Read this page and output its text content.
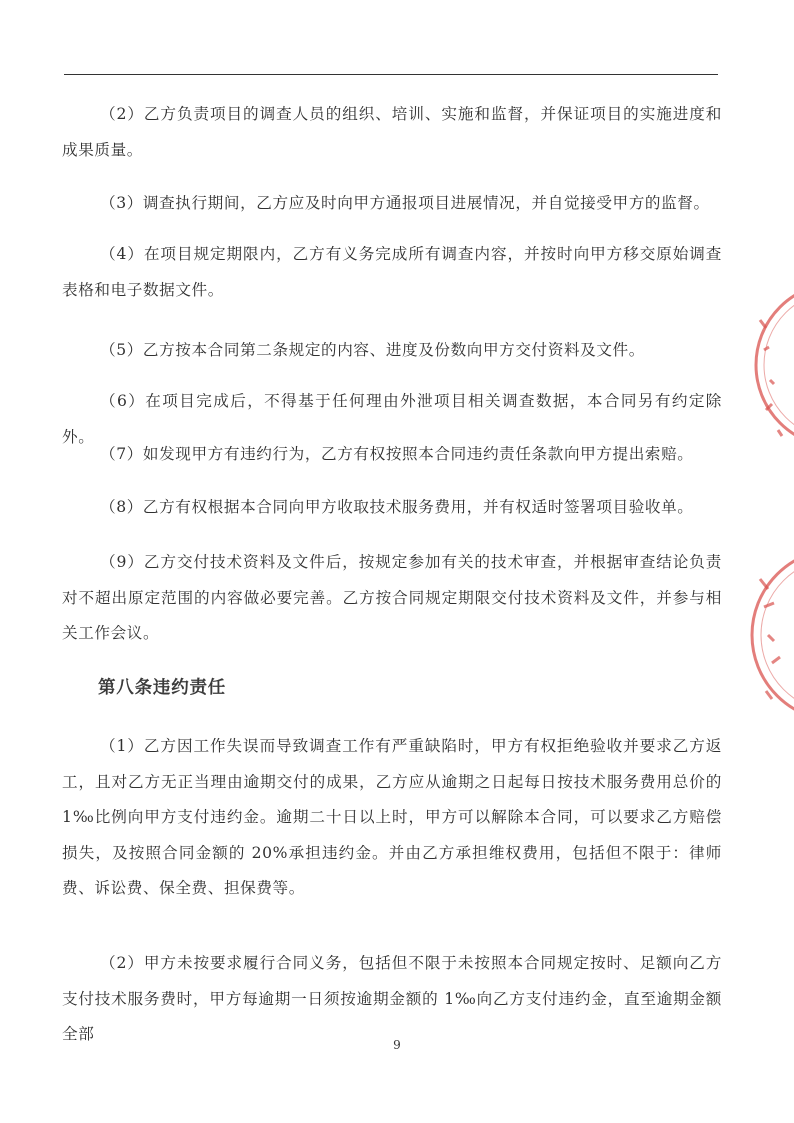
（2）乙方负责项目的调查人员的组织、培训、实施和监督，并保证项目的实施进度和成果质量。

（3）调查执行期间，乙方应及时向甲方通报项目进展情况，并自觉接受甲方的监督。

（4）在项目规定期限内，乙方有义务完成所有调查内容，并按时向甲方移交原始调查表格和电子数据文件。

（5）乙方按本合同第二条规定的内容、进度及份数向甲方交付资料及文件。

（6）在项目完成后，不得基于任何理由外泄项目相关调查数据，本合同另有约定除外。

（7）如发现甲方有违约行为，乙方有权按照本合同违约责任条款向甲方提出索赔。

（8）乙方有权根据本合同向甲方收取技术服务费用，并有权适时签署项目验收单。

（9）乙方交付技术资料及文件后，按规定参加有关的技术审查，并根据审查结论负责对不超出原定范围的内容做必要完善。乙方按合同规定期限交付技术资料及文件，并参与相关工作会议。

第八条违约责任

（1）乙方因工作失误而导致调查工作有严重缺陷时，甲方有权拒绝验收并要求乙方返工，且对乙方无正当理由逾期交付的成果，乙方应从逾期之日起每日按技术服务费用总价的 1‰比例向甲方支付违约金。逾期二十日以上时，甲方可以解除本合同，可以要求乙方赔偿损失，及按照合同金额的 20%承担违约金。并由乙方承担维权费用，包括但不限于：律师费、诉讼费、保全费、担保费等。

（2）甲方未按要求履行合同义务，包括但不限于未按照本合同规定按时、足额向乙方支付技术服务费时，甲方每逾期一日须按逾期金额的 1‰向乙方支付违约金，直至逾期金额全部

9
